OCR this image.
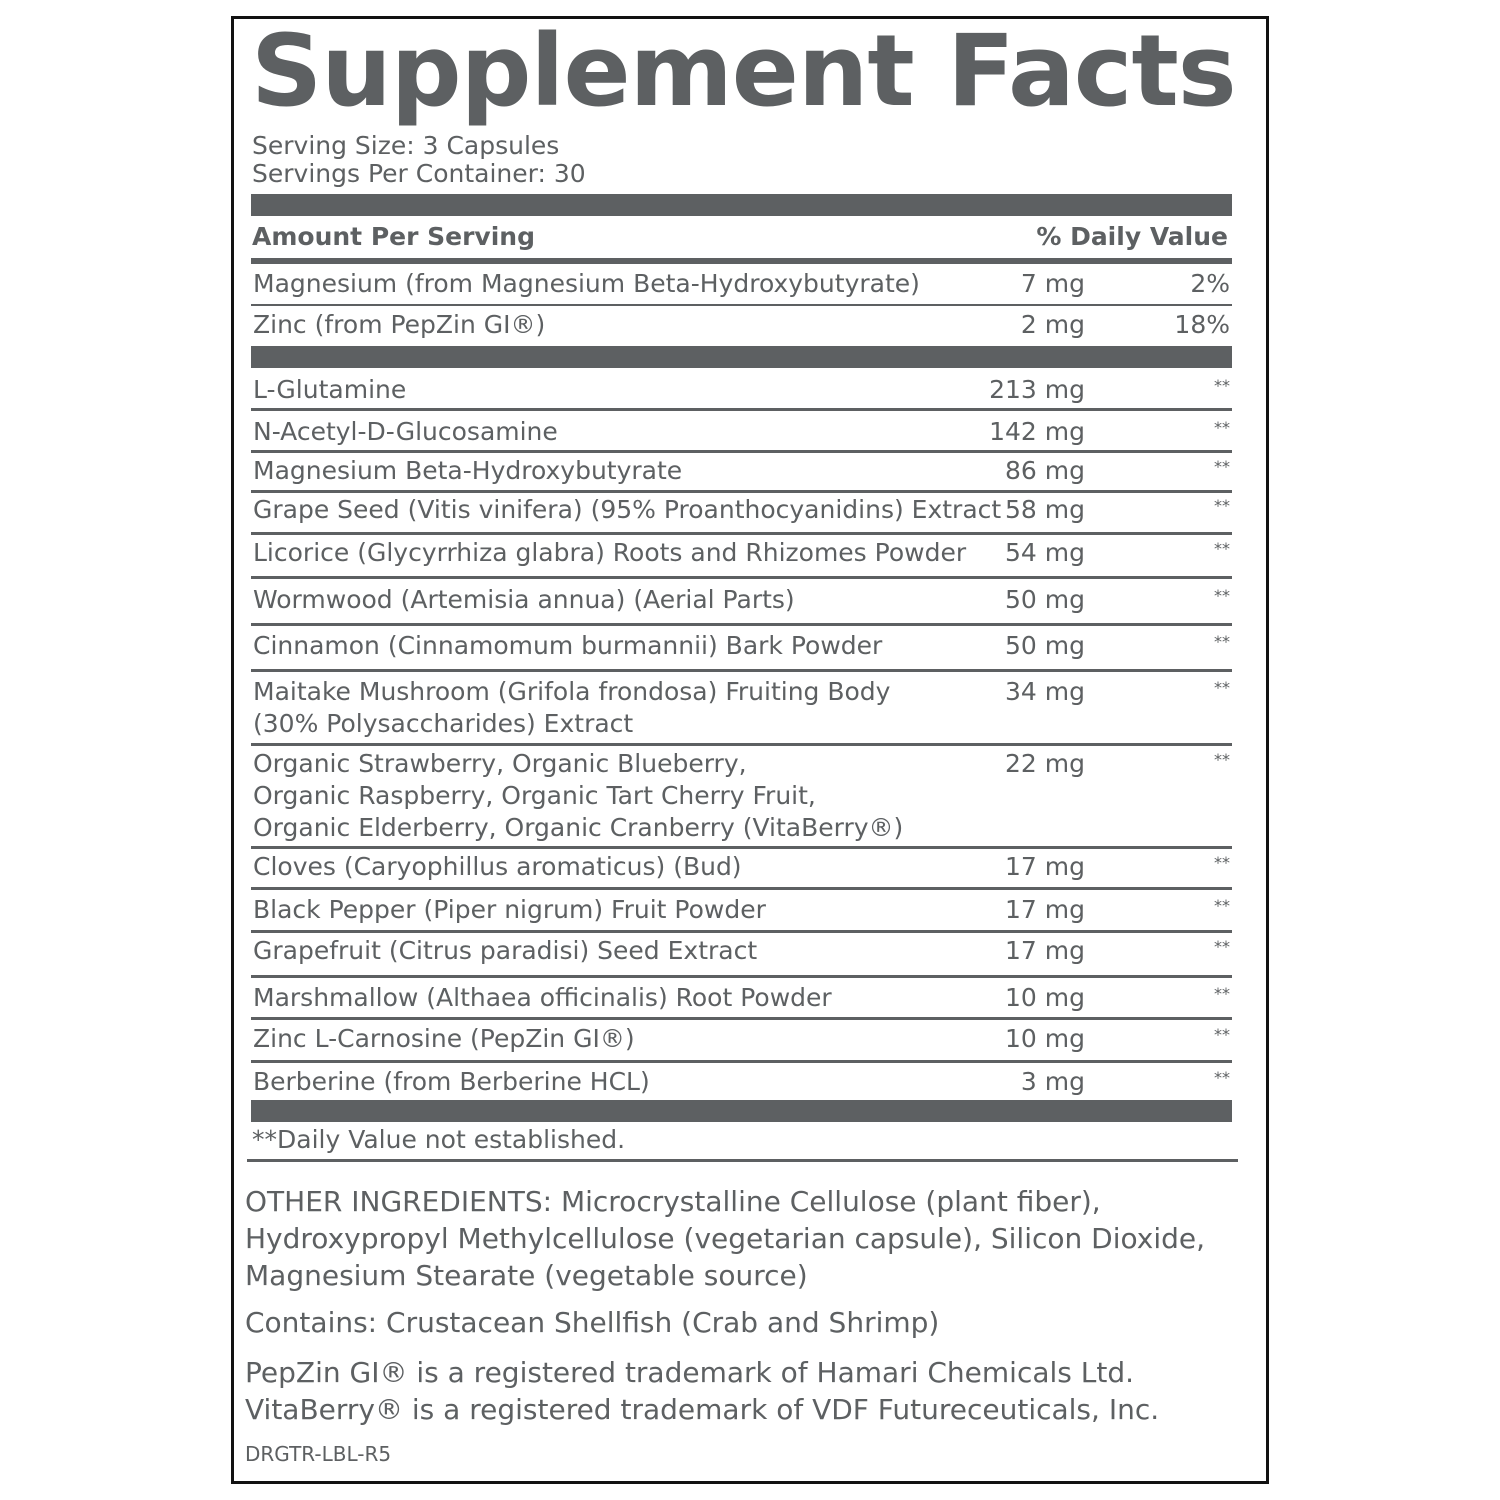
Supplement Facts
Serving Size: 3 Capsules
Servings Per Container: 30
Amount Per Serving	% Daily Value
Magnesium (from Magnesium Beta-Hydroxybutyrate)	7 mg	2%
Zinc (from PepZin GI®)	2 mg	18%
L-Glutamine	213 mg	**
N-Acetyl-D-Glucosamine	142 mg	**
Magnesium Beta-Hydroxybutyrate	86 mg	**
Grape Seed (Vitis vinifera) (95% Proanthocyanidins) Extract 58 mg	**
Licorice (Glycyrrhiza glabra) Roots and Rhizomes Powder	54 mg	**
Wormwood (Artemisia annua) (Aerial Parts)	50 mg	**
Cinnamon (Cinnamomum burmannii) Bark Powder	50 mg	**
Maitake Mushroom (Grifola frondosa) Fruiting Body
(30% Polysaccharides) Extract
34 mg	**
Organic Strawberry, Organic Blueberry,
Organic Raspberry, Organic Tart Cherry Fruit,
Organic Elderberry, Organic Cranberry (VitaBerry®)
22 mg	**
Cloves (Caryophillus aromaticus) (Bud)	17 mg	**
Black Pepper (Piper nigrum) Fruit Powder	17 mg	**
Grapefruit (Citrus paradisi) Seed Extract	17 mg	**
Marshmallow (Althaea officinalis) Root Powder	10 mg	**
Zinc L-Carnosine (PepZin GI®)	10 mg	**
Berberine (from Berberine HCL)	3 mg	**
**Daily Value not established.
OTHER INGREDIENTS: Microcrystalline Cellulose (plant fiber),
Hydroxypropyl Methylcellulose (vegetarian capsule), Silicon Dioxide,
Magnesium Stearate (vegetable source)
Contains: Crustacean Shellfish (Crab and Shrimp)
PepZin GI® is a registered trademark of Hamari Chemicals Ltd.
VitaBerry® is a registered trademark of VDF Futureceuticals, Inc.
DRGTR-LBL-R5
